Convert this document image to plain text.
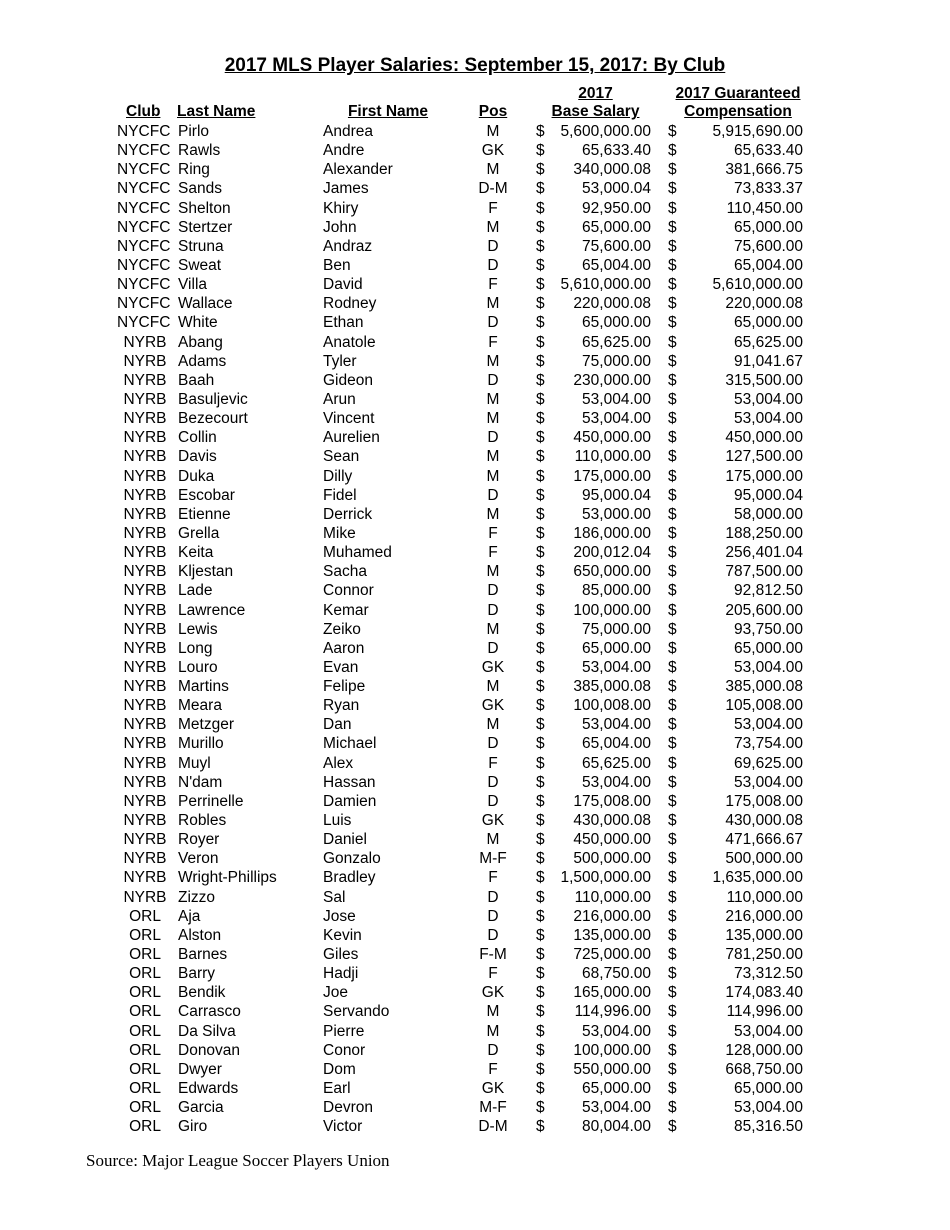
2017 MLS Player Salaries: September 15, 2017: By Club
Club Last Name	First Name	Pos
2017
Base Salary
2017 Guaranteed
Compensation
NYCFC Pirlo	Andrea	M	$	5,600,000.00 $	5,915,690.00
NYCFC Rawls	Andre	GK	$	65,633.40 $	65,633.40
NYCFC Ring	Alexander	M	$	340,000.08 $	381,666.75
NYCFC Sands	James	D-M	$	53,000.04 $	73,833.37
NYCFC Shelton	Khiry	F	$	92,950.00 $	110,450.00
NYCFC Stertzer	John	M	$	65,000.00 $	65,000.00
NYCFC Struna	Andraz	D	$	75,600.00 $	75,600.00
NYCFC Sweat	Ben	D	$	65,004.00 $	65,004.00
NYCFC Villa	David	F	$	5,610,000.00 $	5,610,000.00
NYCFC Wallace	Rodney	M	$	220,000.08 $	220,000.08
NYCFC White	Ethan	D	$	65,000.00 $	65,000.00
NYRB Abang	Anatole	F	$	65,625.00 $	65,625.00
NYRB Adams	Tyler	M	$	75,000.00 $	91,041.67
NYRB Baah	Gideon	D	$	230,000.00 $	315,500.00
NYRB Basuljevic	Arun	M	$	53,004.00 $	53,004.00
NYRB Bezecourt	Vincent	M	$	53,004.00 $	53,004.00
NYRB Collin	Aurelien	D	$	450,000.00 $	450,000.00
NYRB Davis	Sean	M	$	110,000.00 $	127,500.00
NYRB Duka	Dilly	M	$	175,000.00 $	175,000.00
NYRB Escobar	Fidel	D	$	95,000.04 $	95,000.04
NYRB Etienne	Derrick	M	$	53,000.00 $	58,000.00
NYRB Grella	Mike	F	$	186,000.00 $	188,250.00
NYRB Keita	Muhamed	F	$	200,012.04 $	256,401.04
NYRB Kljestan	Sacha	M	$	650,000.00 $	787,500.00
NYRB Lade	Connor	D	$	85,000.00 $	92,812.50
NYRB Lawrence	Kemar	D	$	100,000.00 $	205,600.00
NYRB Lewis	Zeiko	M	$	75,000.00 $	93,750.00
NYRB Long	Aaron	D	$	65,000.00 $	65,000.00
NYRB Louro	Evan	GK	$	53,004.00 $	53,004.00
NYRB Martins	Felipe	M	$	385,000.08 $	385,000.08
NYRB Meara	Ryan	GK	$	100,008.00 $	105,008.00
NYRB Metzger	Dan	M	$	53,004.00 $	53,004.00
NYRB Murillo	Michael	D	$	65,004.00 $	73,754.00
NYRB Muyl	Alex	F	$	65,625.00 $	69,625.00
NYRB N'dam	Hassan	D	$	53,004.00 $	53,004.00
NYRB Perrinelle	Damien	D	$	175,008.00 $	175,008.00
NYRB Robles	Luis	GK	$	430,000.08 $	430,000.08
NYRB Royer	Daniel	M	$	450,000.00 $	471,666.67
NYRB Veron	Gonzalo	M-F	$	500,000.00 $	500,000.00
NYRB Wright-Phillips	Bradley	F	$	1,500,000.00 $	1,635,000.00
NYRB Zizzo	Sal	D	$	110,000.00 $	110,000.00
ORL	Aja	Jose	D	$	216,000.00 $	216,000.00
ORL	Alston	Kevin	D	$	135,000.00 $	135,000.00
ORL	Barnes	Giles	F-M	$	725,000.00 $	781,250.00
ORL	Barry	Hadji	F	$	68,750.00 $	73,312.50
ORL	Bendik	Joe	GK	$	165,000.00 $	174,083.40
ORL	Carrasco	Servando	M	$	114,996.00 $	114,996.00
ORL	Da Silva	Pierre	M	$	53,004.00 $	53,004.00
ORL	Donovan	Conor	D	$	100,000.00 $	128,000.00
ORL	Dwyer	Dom	F	$	550,000.00 $	668,750.00
ORL	Edwards	Earl	GK	$	65,000.00 $	65,000.00
ORL	Garcia	Devron	M-F	$	53,004.00 $	53,004.00
ORL	Giro	Victor	D-M	$	80,004.00 $	85,316.50
Source: Major League Soccer Players Union
